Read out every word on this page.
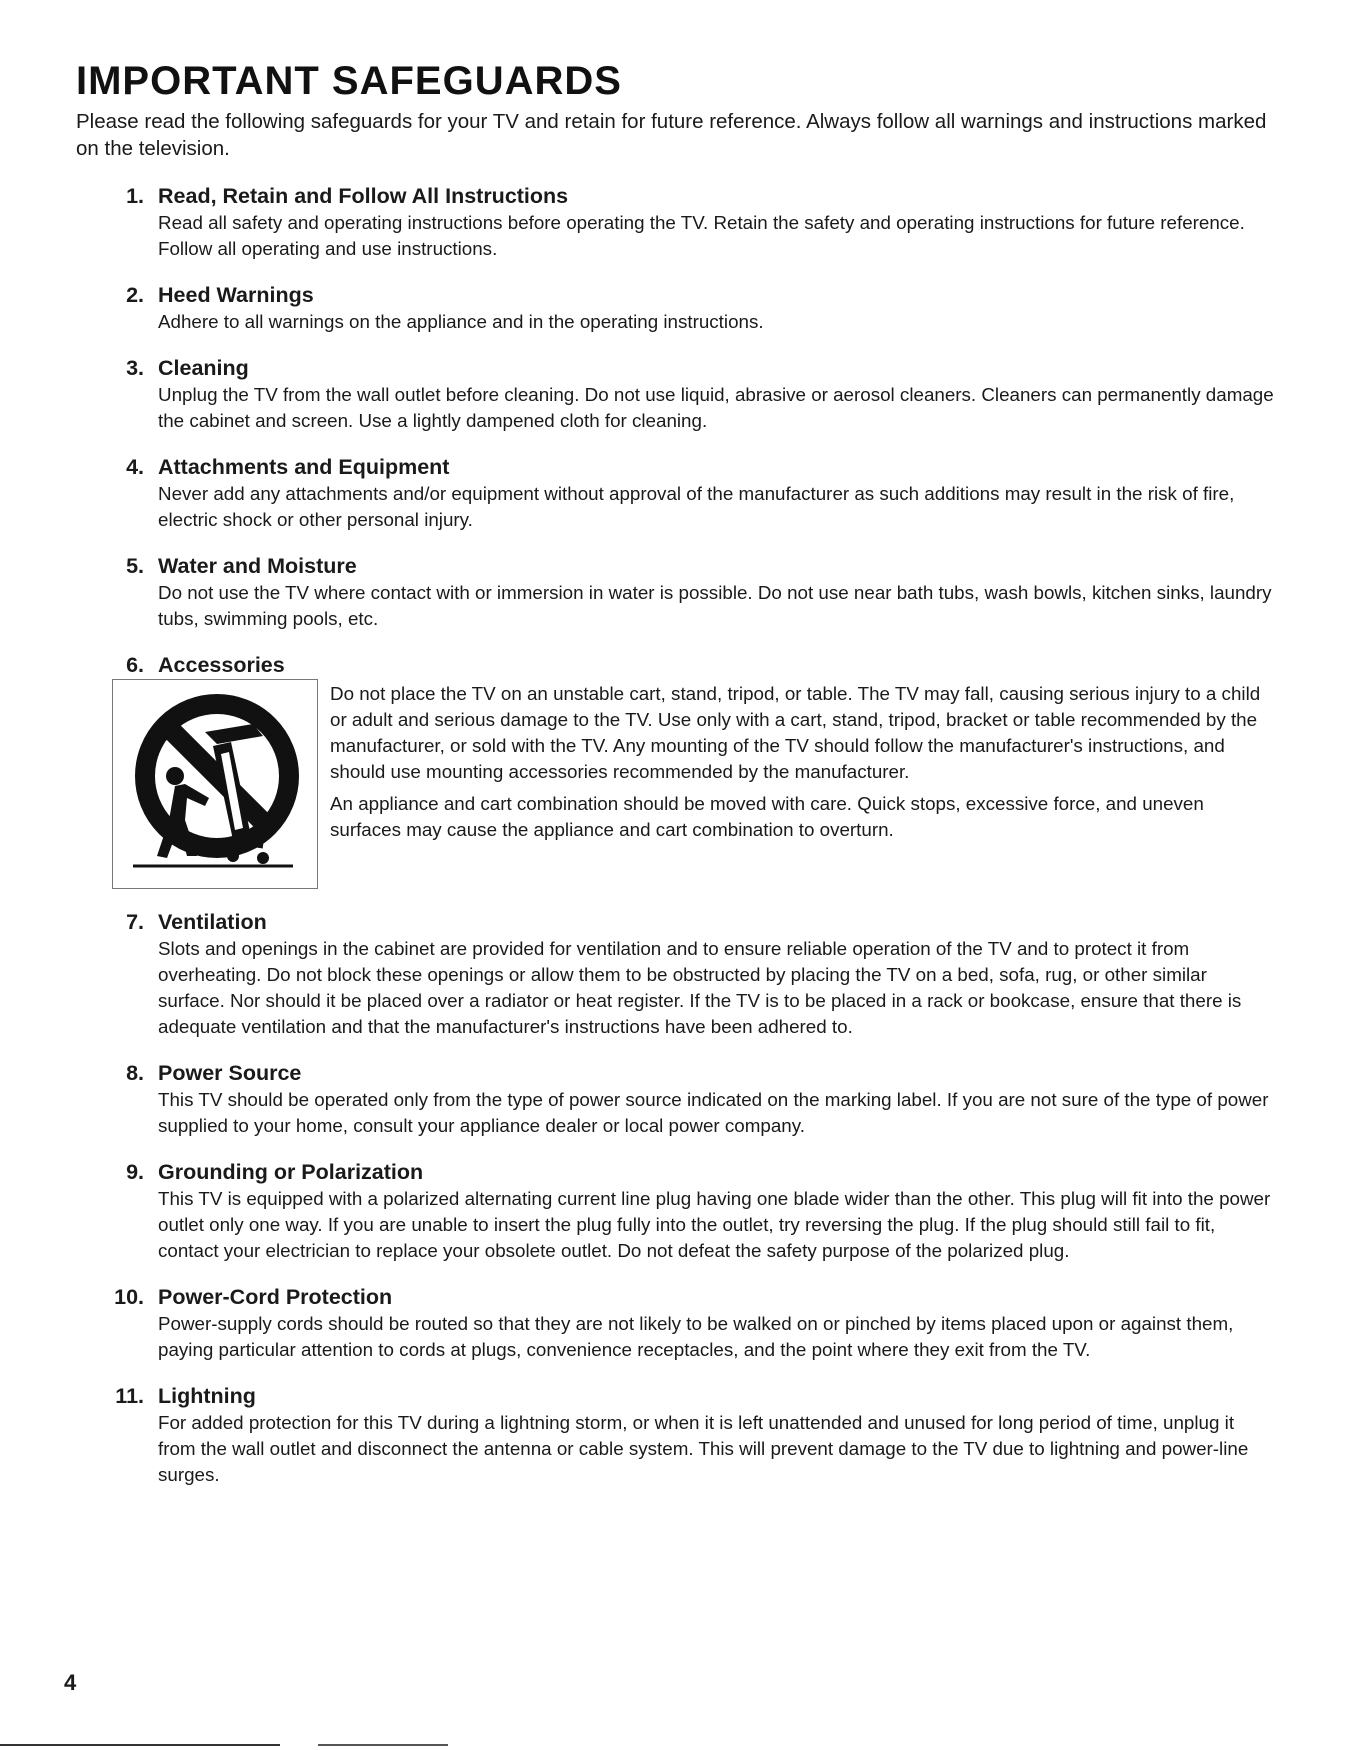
IMPORTANT SAFEGUARDS

Please read the following safeguards for your TV and retain for future reference. Always follow all warnings and instructions marked on the television.

1. Read, Retain and Follow All Instructions

Read all safety and operating instructions before operating the TV. Retain the safety and operating instructions for future reference. Follow all operating and use instructions.

2. Heed Warnings

Adhere to all warnings on the appliance and in the operating instructions.

3. Cleaning

Unplug the TV from the wall outlet before cleaning. Do not use liquid, abrasive or aerosol cleaners. Cleaners can permanently damage the cabinet and screen. Use a lightly dampened cloth for cleaning.

4. Attachments and Equipment

Never add any attachments and/or equipment without approval of the manufacturer as such additions may result in the risk of fire, electric shock or other personal injury.

5. Water and Moisture

Do not use the TV where contact with or immersion in water is possible. Do not use near bath tubs, wash bowls, kitchen sinks, laundry tubs, swimming pools, etc.

6. Accessories

Do not place the TV on an unstable cart, stand, tripod, or table. The TV may fall, causing serious injury to a child or adult and serious damage to the TV. Use only with a cart, stand, tripod, bracket or table recommended by the manufacturer, or sold with the TV. Any mounting of the TV should follow the manufacturer's instructions, and should use mounting accessories recommended by the manufacturer.

An appliance and cart combination should be moved with care. Quick stops, excessive force, and uneven surfaces may cause the appliance and cart combination to overturn.

7. Ventilation

Slots and openings in the cabinet are provided for ventilation and to ensure reliable operation of the TV and to protect it from overheating. Do not block these openings or allow them to be obstructed by placing the TV on a bed, sofa, rug, or other similar surface. Nor should it be placed over a radiator or heat register. If the TV is to be placed in a rack or bookcase, ensure that there is adequate ventilation and that the manufacturer's instructions have been adhered to.

8. Power Source

This TV should be operated only from the type of power source indicated on the marking label. If you are not sure of the type of power supplied to your home, consult your appliance dealer or local power company.

9. Grounding or Polarization

This TV is equipped with a polarized alternating current line plug having one blade wider than the other. This plug will fit into the power outlet only one way. If you are unable to insert the plug fully into the outlet, try reversing the plug. If the plug should still fail to fit, contact your electrician to replace your obsolete outlet. Do not defeat the safety purpose of the polarized plug.

10. Power-Cord Protection

Power-supply cords should be routed so that they are not likely to be walked on or pinched by items placed upon or against them, paying particular attention to cords at plugs, convenience receptacles, and the point where they exit from the TV.

11. Lightning

For added protection for this TV during a lightning storm, or when it is left unattended and unused for long period of time, unplug it from the wall outlet and disconnect the antenna or cable system. This will prevent damage to the TV due to lightning and power-line surges.

4
